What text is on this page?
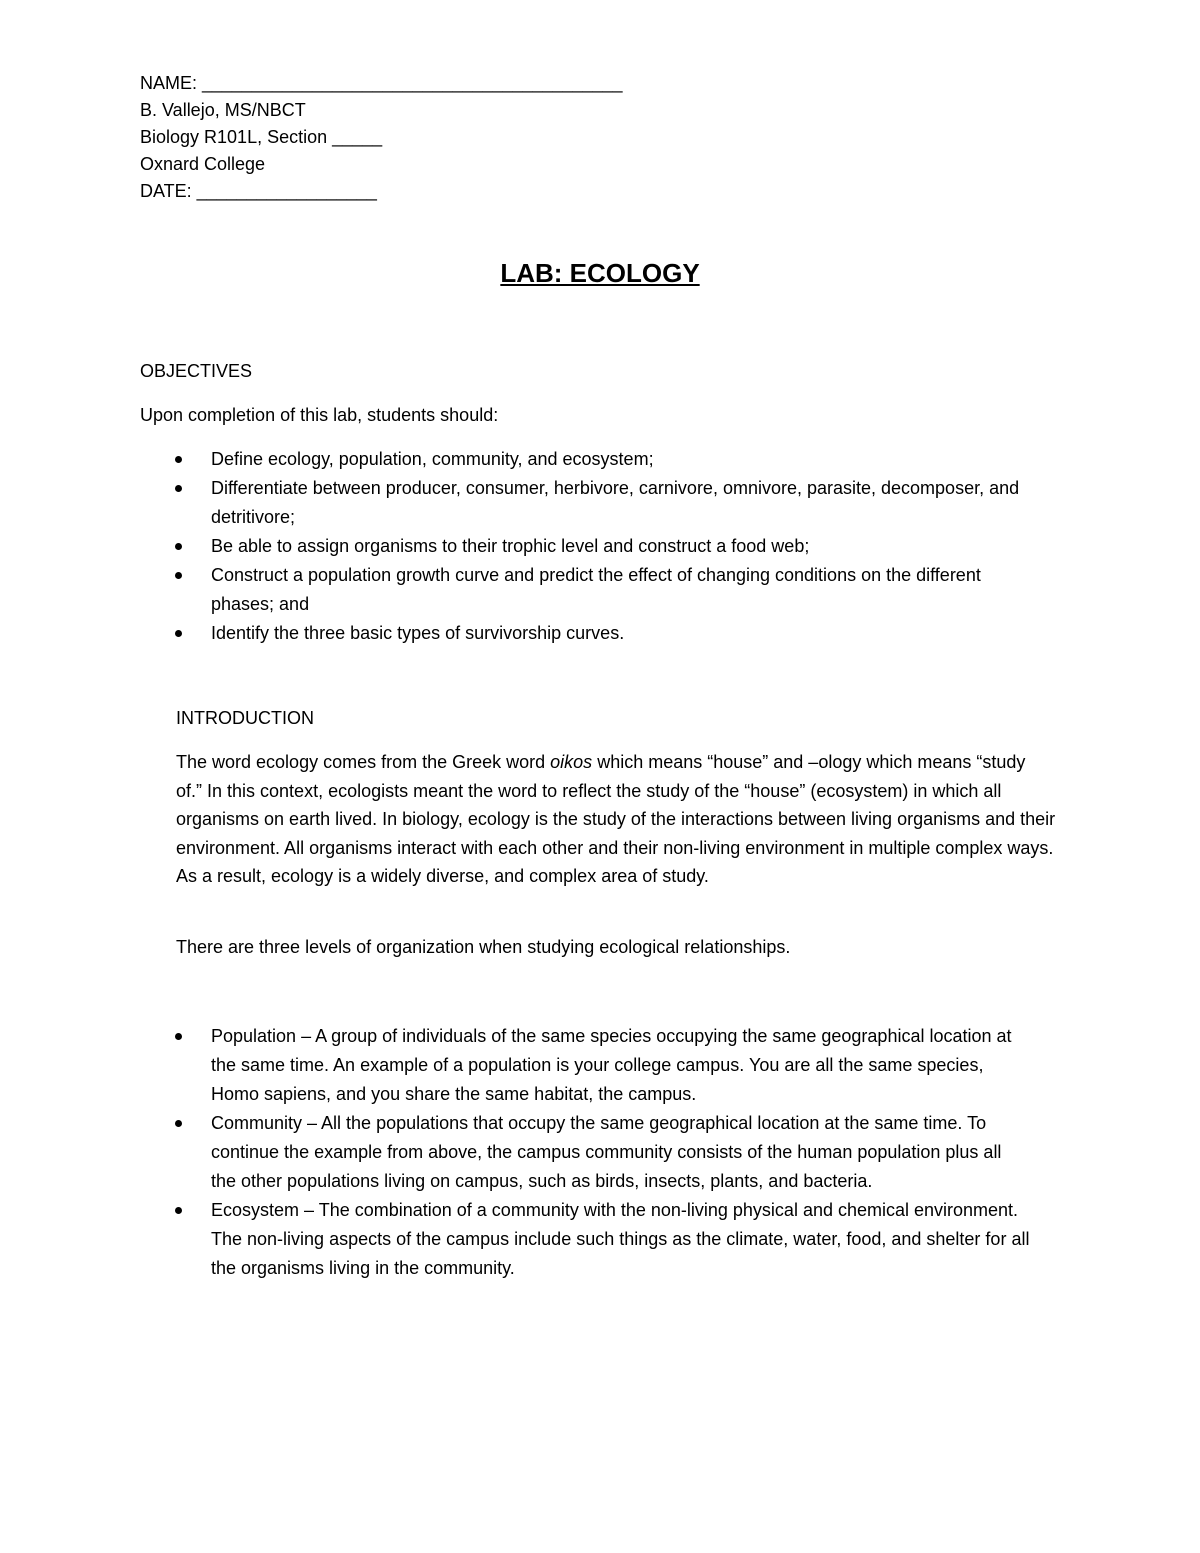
NAME: __________________________________________
B. Vallejo, MS/NBCT
Biology R101L, Section _____
Oxnard College
DATE: __________________
LAB: ECOLOGY
OBJECTIVES
Upon completion of this lab, students should:
Define ecology, population, community, and ecosystem;
Differentiate between producer, consumer, herbivore, carnivore, omnivore, parasite, decomposer, and detritivore;
Be able to assign organisms to their trophic level and construct a food web;
Construct a population growth curve and predict the effect of changing conditions on the different phases; and
Identify the three basic types of survivorship curves.
INTRODUCTION

The word ecology comes from the Greek word oikos which means “house” and –ology which means “study of.” In this context, ecologists meant the word to reflect the study of the “house” (ecosystem) in which all organisms on earth lived. In biology, ecology is the study of the interactions between living organisms and their environment. All organisms interact with each other and their non-living environment in multiple complex ways. As a result, ecology is a widely diverse, and complex area of study.

There are three levels of organization when studying ecological relationships.
Population – A group of individuals of the same species occupying the same geographical location at the same time. An example of a population is your college campus. You are all the same species, Homo sapiens, and you share the same habitat, the campus.
Community – All the populations that occupy the same geographical location at the same time. To continue the example from above, the campus community consists of the human population plus all the other populations living on campus, such as birds, insects, plants, and bacteria.
Ecosystem – The combination of a community with the non-living physical and chemical environment. The non-living aspects of the campus include such things as the climate, water, food, and shelter for all the organisms living in the community.
